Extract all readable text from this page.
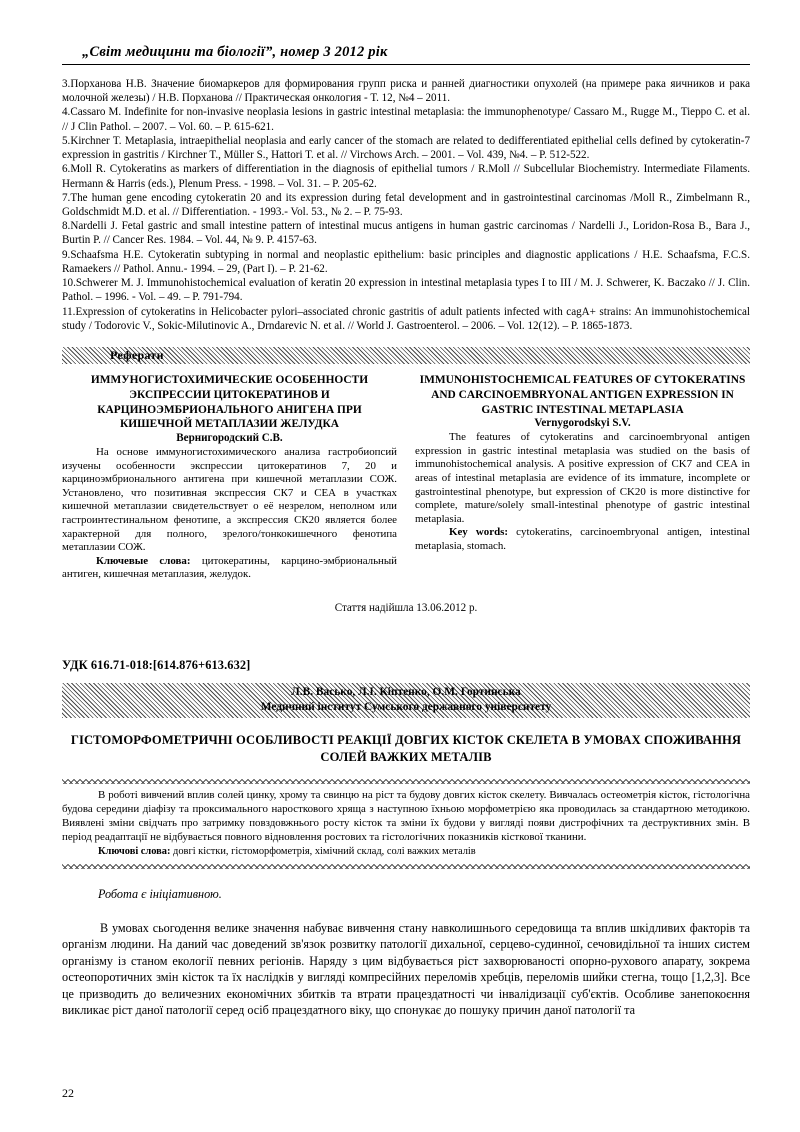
„Світ медицини та біології”, номер 3 2012 рік

3.Порханова Н.В. Значение биомаркеров для формирования групп риска и ранней диагностики опухолей (на примере рака яичников и рака молочной железы) / Н.В. Порханова // Практическая онкология - Т. 12, №4 – 2011.

4.Cassaro M. Indefinite for non-invasive neoplasia lesions in gastric intestinal metaplasia: the immunophenotype/ Cassaro M., Rugge M., Tieppo C. et al. // J Clin Pathol. – 2007. – Vol. 60. – P. 615-621.

5.Kirchner T. Metaplasia, intraepithelial neoplasia and early cancer of the stomach are related to dedifferentiated epithelial cells defined by cytokeratin-7 expression in gastritis / Kirchner T., Müller S., Hattori T. et al. // Virchows Arch. – 2001. – Vol. 439, №4. – P. 512-522.

6.Moll R. Cytokeratins as markers of differentiation in the diagnosis of epithelial tumors / R.Moll // Subcellular Biochemistry. Intermediate Filaments. Hermann & Harris (eds.), Plenum Press. - 1998. – Vol. 31. – P. 205-62.

7.The human gene encoding cytokeratin 20 and its expression during fetal development and in gastrointestinal carcinomas /Moll R., Zimbelmann R., Goldschmidt M.D. et al. // Differentiation. - 1993.- Vol. 53., № 2. – P. 75-93.

8.Nardelli J. Fetal gastric and small intestine pattern of intestinal mucus antigens in human gastric carcinomas / Nardelli J., Loridon-Rosa B., Bara J., Burtin P. // Cancer Res. 1984. – Vol. 44, № 9. P. 4157-63.

9.Schaafsma H.E. Cytokeratin subtyping in normal and neoplastic epithelium: basic principles and diagnostic applications / H.E. Schaafsma, F.C.S. Ramaekers // Pathol. Annu.- 1994. – 29, (Part I). – P. 21-62.

10.Schwerer M. J. Immunohistochemical evaluation of keratin 20 expression in intestinal metaplasia types I to III / M. J. Schwerer, K. Baczako // J. Clin. Pathol. – 1996. - Vol. – 49. – P. 791-794.

11.Expression of cytokeratins in Helicobacter pylori–associated chronic gastritis of adult patients infected with cagA+ strains: An immunohistochemical study / Todorovic V., Sokic-Milutinovic A., Drndarevic N. et al. // World J. Gastroenterol. – 2006. – Vol. 12(12). – P. 1865-1873.

Реферати

ИММУНОГИСТОХИМИЧЕСКИЕ ОСОБЕННОСТИ ЭКСПРЕССИИ ЦИТОКЕРАТИНОВ И КАРЦИНОЭМБРИОНАЛЬНОГО АНИГЕНА ПРИ КИШЕЧНОЙ МЕТАПЛАЗИИ ЖЕЛУДКА

Вернигородский С.В.

На основе иммуногистохимического анализа гастробиопсий изучены особенности экспрессии цитокератинов 7, 20 и карциноэмбрионального антигена при кишечной метаплазии СОЖ. Установлено, что позитивная экспрессия СК7 и СЕА в участках кишечной метаплазии свидетельствует о её незрелом, неполном или гастроинтестинальном фенотипе, а экспрессия СК20 является более характерной для полного, зрелого/тонкокишечного фенотипа метаплазии СОЖ.

Ключевые слова: цитокератины, карцино-эмбриональный антиген, кишечная метаплазия, желудок.

IMMUNOHISTOCHEMICAL FEATURES OF CYTOKERATINS AND CARCINOEMBRYONAL ANTIGEN EXPRESSION IN GASTRIC INTESTINAL METAPLASIA

Vernygorodskyi S.V.

The features of cytokeratins and carcinoembryonal antigen expression in gastric intestinal metaplasia was studied on the basis of immunohistochemical analysis. A positive expression of CK7 and CEA in areas of intestinal metaplasia are evidence of its immature, incomplete or gastrointestinal phenotype, but expression of CK20 is more distinctive for complete, mature/solely small-intestinal phenotype of gastric intestinal metaplasia.

Key words: cytokeratins, carcinoembryonal antigen, intestinal metaplasia, stomach.

Стаття надійшла 13.06.2012 р.
УДК 616.71-018:[614.876+613.632]
Л.В. Васько, Л.І. Кіптенко, О.М. Гортинська
Медичний інститут Сумського державного університету
ГІСТОМОРФОМЕТРИЧНІ ОСОБЛИВОСТІ РЕАКЦІЇ ДОВГИХ КІСТОК СКЕЛЕТА В УМОВАХ СПОЖИВАННЯ СОЛЕЙ ВАЖКИХ МЕТАЛІВ

В роботі вивчений вплив солей цинку, хрому та свинцю на ріст та будову довгих кісток скелету. Вивчалась остеометрія кісток, гістологічна будова середини діафізу та проксимального наросткового хряща з наступною їхньою морфометрією яка проводилась за стандартною методикою. Виявлені зміни свідчать про затримку повздовжнього росту кісток та зміни їх будови у вигляді появи дистрофічних та деструктивних змін. В період реадаптації не відбувається повного відновлення ростових та гістологічних показників кісткової тканини.

Ключові слова: довгі кістки, гістоморфометрія, хімічний склад, солі важких металів

Робота є ініціативною.

В умовах сьогодення велике значення набуває вивчення стану навколишнього середовища та вплив шкідливих факторів та організм людини. На даний час доведений зв'язок розвитку патології дихальної, серцево-судинної, сечовидільної та інших систем організму із станом екології певних регіонів. Наряду з цим відбувається ріст захворюваності опорно-рухового апарату, зокрема остеопоротичних змін кісток та їх наслідків у вигляді компресійних переломів хребців, переломів шийки стегна, тощо [1,2,3]. Все це призводить до величезних економічних збитків та втрати працездатності чи інвалідизації суб'єктів. Особливе занепокоєння викликає ріст даної патології серед осіб працездатного віку, що спонукає до пошуку причин даної патології та

22
